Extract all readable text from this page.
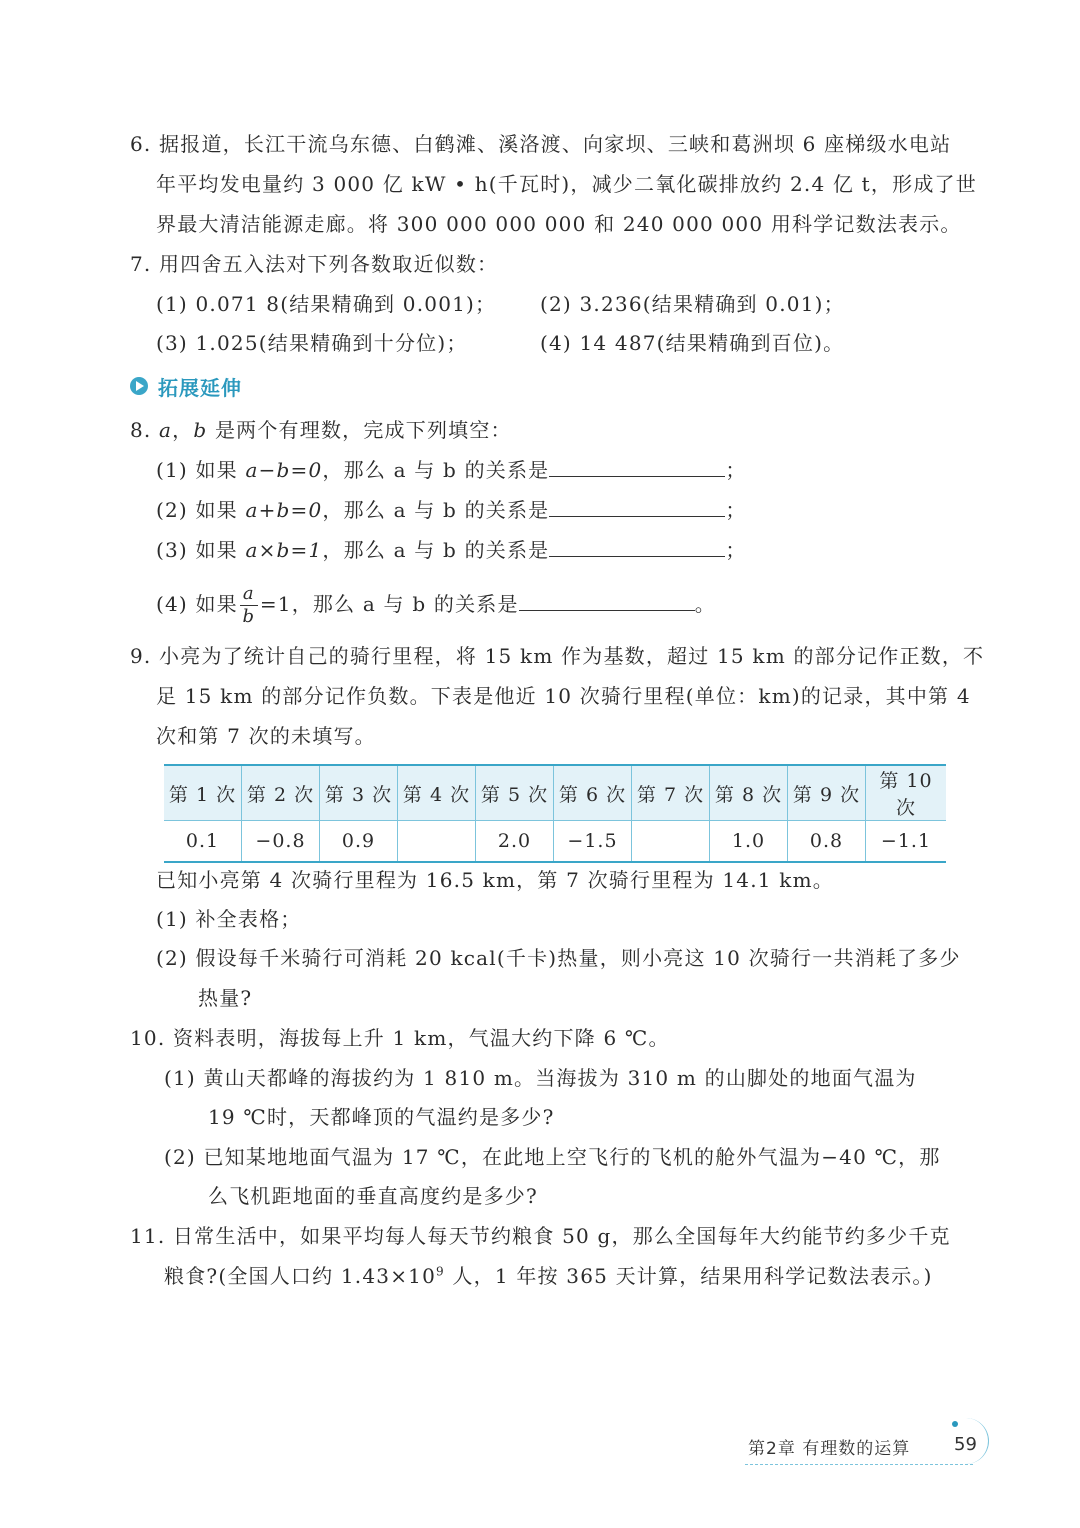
6. 据报道，长江干流乌东德、白鹤滩、溪洛渡、向家坝、三峡和葛洲坝 6 座梯级水电站
年平均发电量约 3 000 亿 kW • h(千瓦时)，减少二氧化碳排放约 2.4 亿 t，形成了世
界最大清洁能源走廊。将 300 000 000 000 和 240 000 000 用科学记数法表示。
7. 用四舍五入法对下列各数取近似数：
(1) 0.071 8(结果精确到 0.001)； (2) 3.236(结果精确到 0.01)；
(3) 1.025(结果精确到十分位)；	(4) 14 487(结果精确到百位)。
拓展延伸
8. a，b 是两个有理数，完成下列填空：
(1) 如果 a−b=0，那么 a 与 b 的关系是	；
(2) 如果 a+b=0，那么 a 与 b 的关系是	；
(3) 如果 a×b=1，那么 a 与 b 的关系是	；
(4) 如果 $\frac{a}{b} =1$，那么 a 与 b 的关系是	。
9. 小亮为了统计自己的骑行里程，将 15 km 作为基数，超过 15 km 的部分记作正数，不
足 15 km 的部分记作负数。下表是他近 10 次骑行里程(单位：km)的记录，其中第 4
次和第 7 次的未填写。
第 1 次	第 2 次	第 3 次	第 4 次	第 5 次	第 6 次	第 7 次	第 8 次	第 9 次	第 10 次
0.1	−0.8	0.9		2.0	−1.5		1.0	0.8	−1.1
已知小亮第 4 次骑行里程为 16.5 km，第 7 次骑行里程为 14.1 km。
(1) 补全表格；
(2) 假设每千米骑行可消耗 20 kcal(千卡)热量，则小亮这 10 次骑行一共消耗了多少
热量?
10. 资料表明，海拔每上升 1 km，气温大约下降 6 ℃。
(1) 黄山天都峰的海拔约为 1 810 m。当海拔为 310 m 的山脚处的地面气温为
19 ℃时，天都峰顶的气温约是多少?
(2) 已知某地地面气温为 17 ℃，在此地上空飞行的飞机的舱外气温为−40 ℃，那
么飞机距地面的垂直高度约是多少?
11. 日常生活中，如果平均每人每天节约粮食 50 g，那么全国每年大约能节约多少千克
粮食?(全国人口约 $1.43\times 10^9$ 人，1 年按 365 天计算，结果用科学记数法表示。)
第2章 有理数的运算 59
